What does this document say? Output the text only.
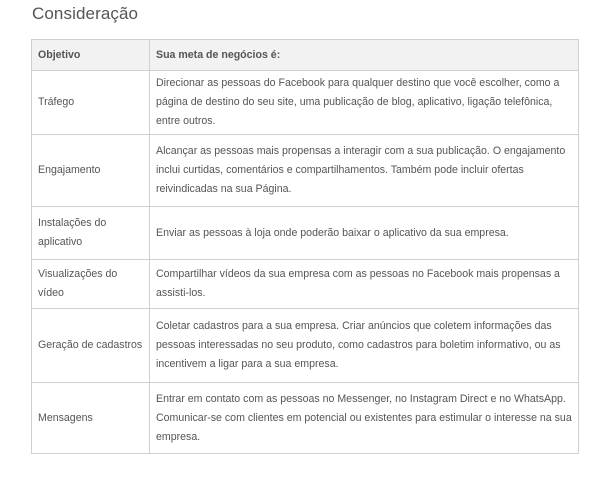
Consideração
Objetivo	Sua meta de negócios é:
Tráfego	Direcionar as pessoas do Facebook para qualquer destino que você escolher, como a página de destino do seu site, uma publicação de blog, aplicativo, ligação telefônica, entre outros.
Engajamento	Alcançar as pessoas mais propensas a interagir com a sua publicação. O engajamento inclui curtidas, comentários e compartilhamentos. Também pode incluir ofertas reivindicadas na sua Página.
Instalações do aplicativo	Enviar as pessoas à loja onde poderão baixar o aplicativo da sua empresa.
Visualizações do vídeo	Compartilhar vídeos da sua empresa com as pessoas no Facebook mais propensas a assisti-los.
Geração de cadastros	Coletar cadastros para a sua empresa. Criar anúncios que coletem informações das pessoas interessadas no seu produto, como cadastros para boletim informativo, ou as incentivem a ligar para a sua empresa.
Mensagens	Entrar em contato com as pessoas no Messenger, no Instagram Direct e no WhatsApp. Comunicar-se com clientes em potencial ou existentes para estimular o interesse na sua empresa.
